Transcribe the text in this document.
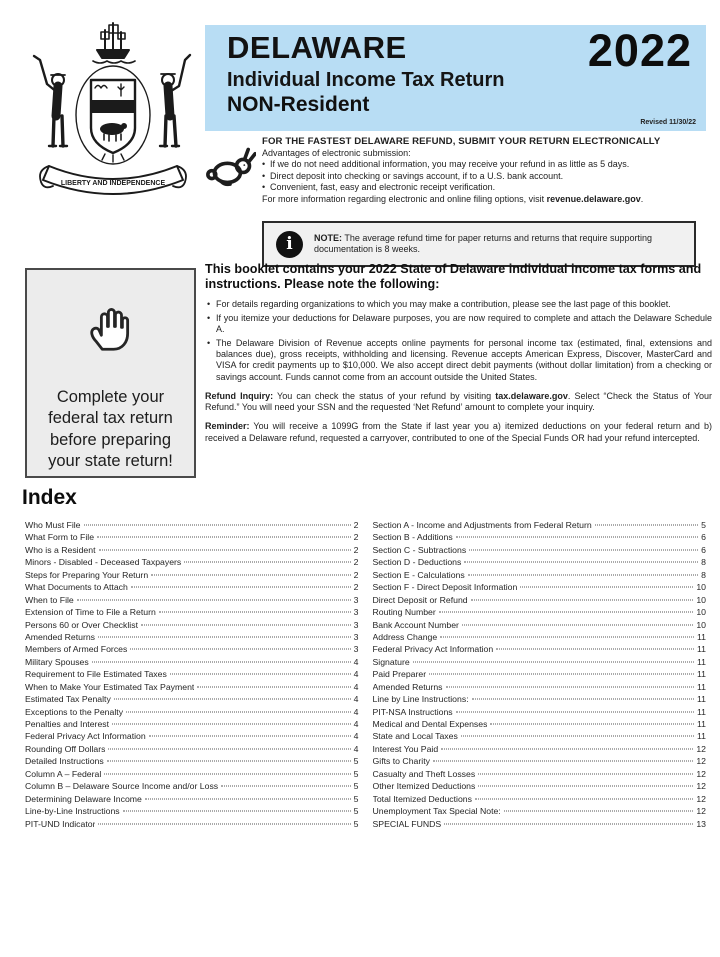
LIBERTY AND INDEPENDENCE
DELAWARE
Individual Income Tax Return
NON-Resident
2022
Revised 11/30/22
FOR THE FASTEST DELAWARE REFUND, SUBMIT YOUR RETURN ELECTRONICALLY
Advantages of electronic submission:
• If we do not need additional information, you may receive your refund in as little as 5 days.
• Direct deposit into checking or savings account, if to a U.S. bank account.
• Convenient, fast, easy and electronic receipt verification.
For more information regarding electronic and online filing options, visit revenue.delaware.gov.
i NOTE: The average refund time for paper returns and returns that require supporting documentation is 8 weeks.
Complete your federal tax return before preparing your state return!
This booklet contains your 2022 State of Delaware individual income tax forms and instructions. Please note the following:
• For details regarding organizations to which you may make a contribution, please see the last page of this booklet.
• If you itemize your deductions for Delaware purposes, you are now required to complete and attach the Delaware Schedule A.
• The Delaware Division of Revenue accepts online payments for personal income tax (estimated, final, extensions and balances due), gross receipts, withholding and licensing. Revenue accepts American Express, Discover, MasterCard and VISA for credit payments up to $10,000. We also accept direct debit payments (without dollar limitation) from a checking or savings account. Funds cannot come from an account outside the United States.

Refund Inquiry: You can check the status of your refund by visiting tax.delaware.gov. Select “Check the Status of Your Refund.” You will need your SSN and the requested ‘Net Refund’ amount to complete your inquiry.

Reminder: You will receive a 1099G from the State if last year you a) itemized deductions on your federal return and b) received a Delaware refund, requested a carryover, contributed to one of the Special Funds OR had your refund intercepted.

Index
Who Must File	2
What Form to File	2
Who is a Resident	2
Minors - Disabled - Deceased Taxpayers	2
Steps for Preparing Your Return	2
What Documents to Attach	2
When to File	3
Extension of Time to File a Return	3
Persons 60 or Over Checklist	3
Amended Returns	3
Members of Armed Forces	3
Military Spouses	4
Requirement to File Estimated Taxes	4
When to Make Your Estimated Tax Payment	4
Estimated Tax Penalty	4
Exceptions to the Penalty	4
Penalties and Interest	4
Federal Privacy Act Information	4
Rounding Off Dollars	4
Detailed Instructions	5
Column A – Federal	5
Column B – Delaware Source Income and/or Loss	5
Determining Delaware Income	5
Line-by-Line Instructions	5
PIT-UND Indicator	5
Section A - Income and Adjustments from Federal Return	5
Section B - Additions	6
Section C - Subtractions	6
Section D - Deductions	8
Section E - Calculations	8
Section F - Direct Deposit Information	10
Direct Deposit or Refund	10
Routing Number	10
Bank Account Number	10
Address Change	11
Federal Privacy Act Information	11
Signature	11
Paid Preparer	11
Amended Returns	11
Line by Line Instructions:	11
PIT-NSA Instructions	11
Medical and Dental Expenses	11
State and Local Taxes	11
Interest You Paid	12
Gifts to Charity	12
Casualty and Theft Losses	12
Other Itemized Deductions	12
Total Itemized Deductions	12
Unemployment Tax Special Note:	12
SPECIAL FUNDS	13
